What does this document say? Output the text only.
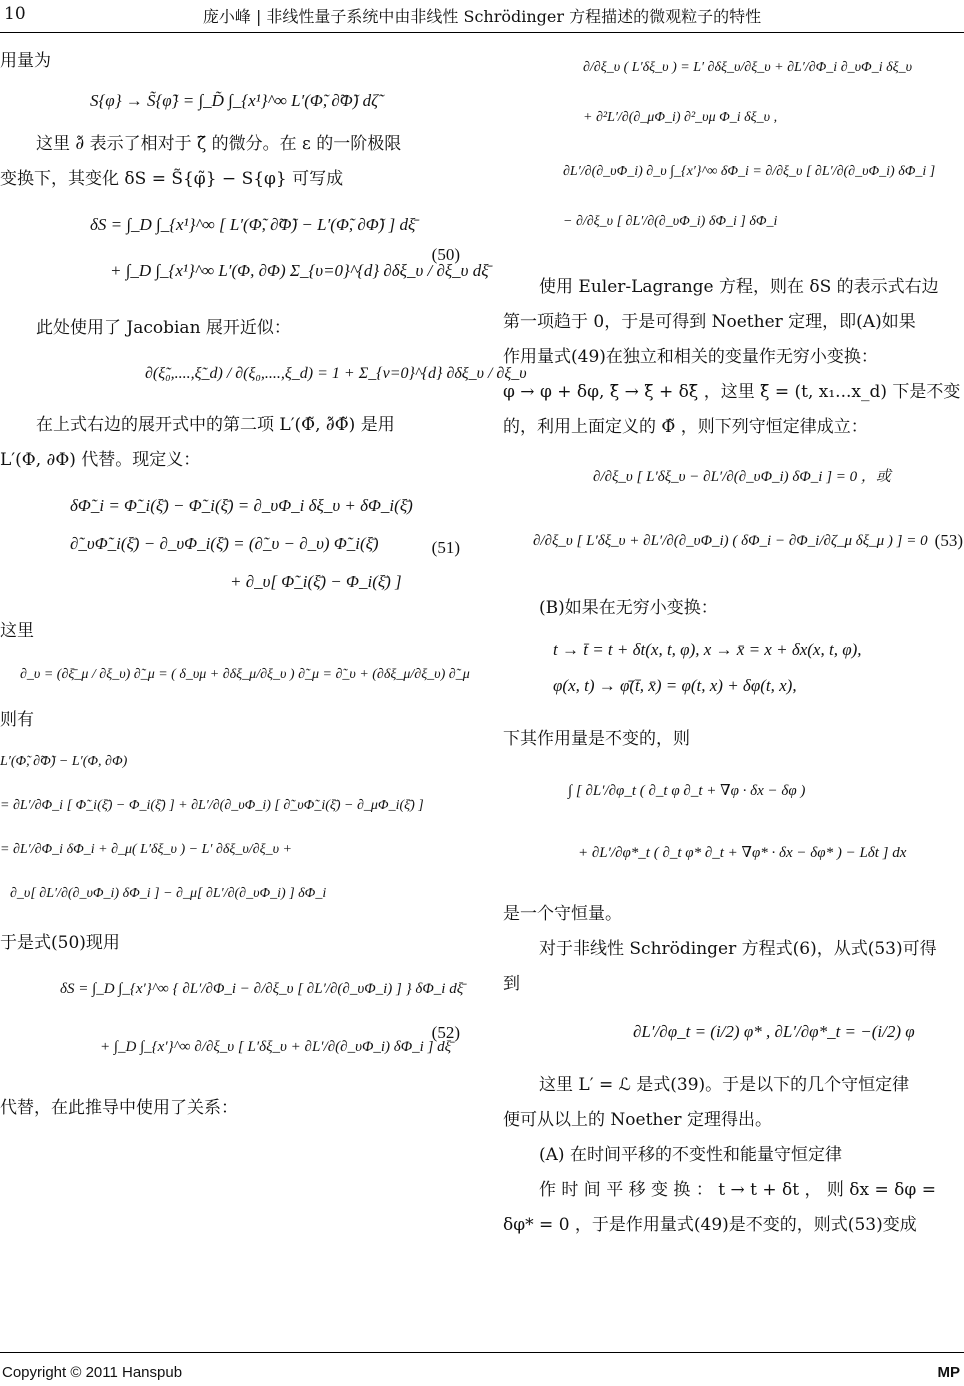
10	庞小峰 | 非线性量子系统中由非线性 Schrödinger 方程描述的微观粒子的特性

用量为

S{φ} → S̃{φ̃} = ∫_D̃ ∫_{x¹}^∞ L′(Φ̃, ∂̃Φ̃) dζ̃

这里 ∂̃ 表示了相对于 ζ̃ 的微分。在 ε 的一阶极限

变换下，其变化 δS = S̃{φ̃} − S{φ} 可写成

δS = ∫_D ∫_{x¹}^∞ [ L′(Φ̃, ∂̃Φ̃) − L′(Φ̃, ∂Φ̃) ] dξ̄
+ ∫_D ∫_{x¹}^∞ L′(Φ, ∂Φ) Σ_{υ=0}^{d} ∂δξ_υ / ∂ξ_υ dξ̄
(50)

此处使用了 Jacobian 展开近似：

∂(ξ̃₀,....,ξ̃_d) / ∂(ξ₀,....,ξ_d) = 1 + Σ_{ν=0}^{d} ∂δξ_υ / ∂ξ_υ

在上式右边的展开式中的第二项 L′(Φ̃, ∂̃Φ̃) 是用

L′(Φ, ∂Φ) 代替。现定义：

δΦ̃_i = Φ̃_i(ξ̄) − Φ̃_i(ξ̄) = ∂_υΦ_i δξ_υ + δΦ_i(ξ̄)
∂̃_υΦ̃_i(ξ̄) − ∂_υΦ_i(ξ̄) = (∂̃_υ − ∂_υ) Φ̃_i(ξ̄)
+ ∂_υ[ Φ̃_i(ξ̄) − Φ_i(ξ̄) ]
(51)

这里

∂_υ = (∂ξ̄_μ / ∂ξ_υ) ∂̃_μ = ( δ_υμ + ∂δξ_μ/∂ξ_υ ) ∂̃_μ = ∂̃_υ + (∂δξ_μ/∂ξ_υ) ∂̃_μ

则有

L′(Φ̃, ∂̃Φ̃) − L′(Φ, ∂Φ)
= ∂L′/∂Φ_i [ Φ̃_i(ξ̄) − Φ_i(ξ̄) ] + ∂L′/∂(∂_υΦ_i) [ ∂̃_υΦ̃_i(ξ̄) − ∂_μΦ_i(ξ̄) ]
= ∂L′/∂Φ_i δΦ_i + ∂_μ( L′δξ_υ ) − L′ ∂δξ_υ/∂ξ_υ +
∂_υ[ ∂L′/∂(∂_υΦ_i) δΦ_i ] − ∂_μ[ ∂L′/∂(∂_υΦ_i) ] δΦ_i

于是式(50)现用

δS = ∫_D ∫_{x′}^∞ { ∂L′/∂Φ_i − ∂/∂ξ_υ [ ∂L′/∂(∂_υΦ_i) ] } δΦ_i dξ̄
+ ∫_D ∫_{x′}^∞ ∂/∂ξ_υ [ L′δξ_υ + ∂L′/∂(∂_υΦ_i) δΦ_i ] dξ̄
(52)

代替，在此推导中使用了关系：

∂/∂ξ_υ ( L′δξ_υ ) = L′ ∂δξ_υ/∂ξ_υ + ∂L′/∂Φ_i ∂_υΦ_i δξ_υ
+ ∂²L′/∂(∂_μΦ_i) ∂²_υμ Φ_i δξ_υ ,
∂L′/∂(∂_υΦ_i) ∂_υ ∫_{x′}^∞ δΦ_i = ∂/∂ξ_υ [ ∂L′/∂(∂_υΦ_i) δΦ_i ]
− ∂/∂ξ_υ [ ∂L′/∂(∂_υΦ_i) δΦ_i ] δΦ_i

使用 Euler-Lagrange 方程，则在 δS 的表示式右边

第一项趋于 0，于是可得到 Noether 定理，即(A)如果

作用量式(49)在独立和相关的变量作无穷小变换：

φ → φ + δφ, ξ̄ → ξ̄ + δξ̄ ，这里 ξ̄ = (t, x₁...x_d) 下是不变

的，利用上面定义的 Φ̃ ，则下列守恒定律成立：

∂/∂ξ_υ [ L′δξ_υ − ∂L′/∂(∂_υΦ_i) δΦ_i ] = 0 ，或
∂/∂ξ_υ [ L′δξ_υ + ∂L′/∂(∂_υΦ_i) ( δΦ_i − ∂Φ_i/∂ζ_μ δξ_μ ) ] = 0 (53)

(B)如果在无穷小变换：

t → t̄ = t + δt(x, t, φ), x → x̄ = x + δx(x, t, φ),
φ(x, t) → φ̄(t̄, x̄) = φ(t, x) + δφ(t, x),

下其作用量是不变的，则

∫ [ ∂L′/∂φ_t ( ∂_t φ ∂_t + ∇φ · δx − δφ )
+ ∂L′/∂φ*_t ( ∂_t φ* ∂_t + ∇φ* · δx − δφ* ) − Lδt ] dx

是一个守恒量。

对于非线性 Schrödinger 方程式(6)，从式(53)可得

到

∂L′/∂φ_t = (i/2) φ* , ∂L′/∂φ*_t = −(i/2) φ

这里 L′ = ℒ 是式(39)。于是以下的几个守恒定律

便可从以上的 Noether 定理得出。

(A) 在时间平移的不变性和能量守恒定律

作 时 间 平 移 变 换 ： t → t + δt ， 则 δx = δφ =

δφ* = 0 ，于是作用量式(49)是不变的，则式(53)变成

Copyright © 2011 Hanspub	MP
